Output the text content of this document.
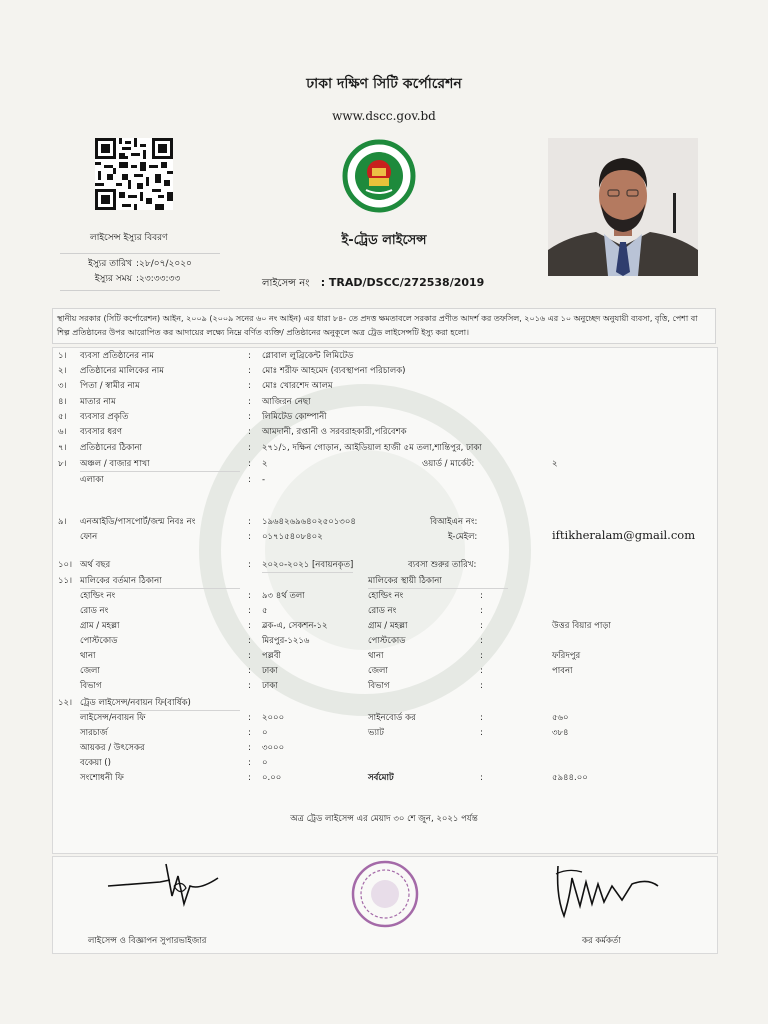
ঢাকা দক্ষিণ সিটি কর্পোরেশন
www.dscc.gov.bd
লাইসেন্স ইস্যুর বিবরণ
ইস্যুর তারিখ :২৮/০৭/২০২০
ইস্যুর সময় :২৩:৩৩:৩৩
ই-ট্রেড লাইসেন্স
লাইসেন্স নং : TRAD/DSCC/272538/2019
স্থানীয় সরকার (সিটি কর্পোরেশন) আইন, ২০০৯ (২০০৯ সনের ৬০ নং আইন) এর ধারা ৮৪- তে প্রদত্ত ক্ষমতাবলে সরকার প্রণীত আদর্শ কর তফসিল, ২০১৬ এর ১০ অনুচ্ছেদ অনুযায়ী ব্যবসা, বৃত্তি, পেশা বা শিল্প প্রতিষ্ঠানের উপর আরোপিত কর আদায়ের লক্ষ্যে নিম্নে বর্ণিত ব্যক্তি/ প্রতিষ্ঠানের অনুকূলে অত্র ট্রেড লাইসেন্সটি ইস্যু করা হলো।
১। ব্যবসা প্রতিষ্ঠানের নাম	: গ্লোবাল লুব্রিকেন্ট লিমিটেড
২। প্রতিষ্ঠানের মালিকের নাম	: মোঃ শরীফ আহমেদ (ব্যবস্থাপনা পরিচালক)
৩। পিতা / স্বামীর নাম	: মোঃ খোরশেদ আলম
৪। মাতার নাম	: আজিরন নেছা
৫। ব্যবসার প্রকৃতি	: লিমিটেড কোম্পানী
৬। ব্যবসার ধরণ	: আমদানী, রপ্তানী ও সরবরাহকারী,পরিবেশক
৭। প্রতিষ্ঠানের ঠিকানা	: ২৭১/১, দক্ষিন গোড়ান, আইডিয়াল হাজী ৫ম তলা,শান্তিপুর, ঢাকা
৮। অঞ্চল / বাজার শাখা	: ২	ওয়ার্ড / মার্কেট:	২
এলাকা	: -
৯। এনআইডি/পাসপোর্ট/জন্ম নিবঃ নং	: ১৯৬৪২৬৯৬৪০২৫০১৩০৪	বিআইএন নং:
ফোন	: ০১৭১৫৪০৮৪০২	ই-মেইল:	iftikheralam@gmail.com
১০। অর্থ বছর	: ২০২০-২০২১ [নবায়নকৃত]	ব্যবসা শুরুর তারিখ:
১১। মালিকের বর্তমান ঠিকানা	মালিকের স্থায়ী ঠিকানা
হোল্ডিং নং	: ৯৩ ৪র্থ তলা	হোল্ডিং নং	:
রোড নং	: ৫	রোড নং	:
গ্রাম / মহল্লা	: ব্লক-এ, সেকশন-১২	গ্রাম / মহল্লা	:	উত্তর বিয়ার পাড়া
পোস্টকোড	: মিরপুর-১২১৬	পোস্টকোড	:
থানা	: পল্লবী	থানা	:	ফরিদপুর
জেলা	: ঢাকা	জেলা	:	পাবনা
বিভাগ	: ঢাকা	বিভাগ	:
১২। ট্রেড লাইসেন্স/নবায়ন ফি(বার্ষিক)
লাইসেন্স/নবায়ন ফি	: ২০০০	সাইনবোর্ড কর	:	৫৬০
সারচার্জ	: ০	ভ্যাট	:	৩৮৪
আয়কর / উৎসেকর	: ৩০০০
বকেয়া ()	: ০
সংশোধনী ফি	: ০.০০	সর্বমোট	:	৫৯৪৪.০০
অত্র ট্রেড লাইসেন্স এর মেয়াদ ৩০ শে জুন, ২০২১ পর্যন্ত
লাইসেন্স ও বিজ্ঞাপন সুপারভাইজার	কর কর্মকর্তা
